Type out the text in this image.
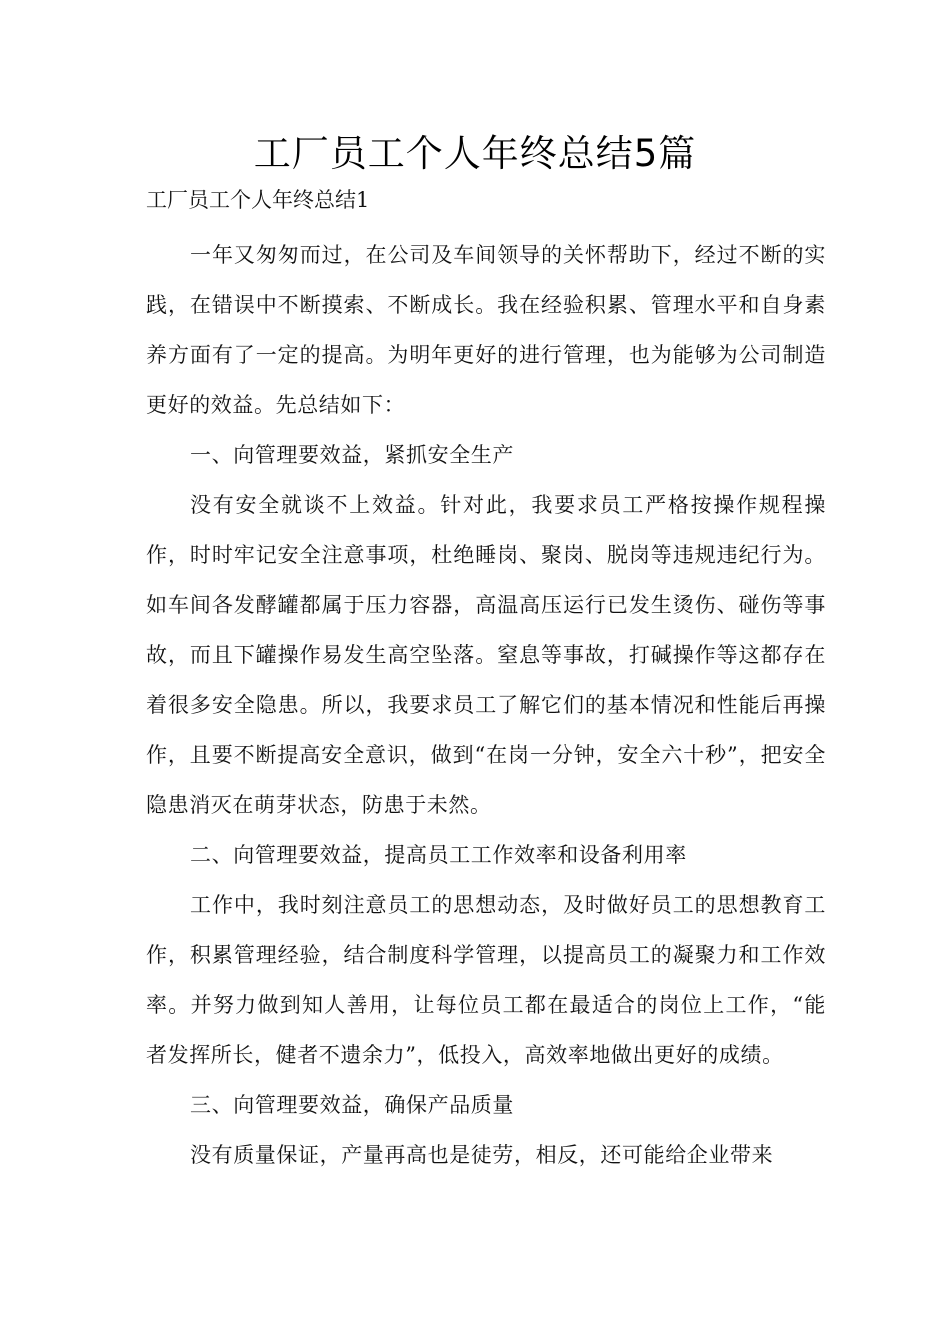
工厂员工个人年终总结5篇

工厂员工个人年终总结1

一年又匆匆而过，在公司及车间领导的关怀帮助下，经过不断的实践，在错误中不断摸索、不断成长。我在经验积累、管理水平和自身素养方面有了一定的提高。为明年更好的进行管理，也为能够为公司制造更好的效益。先总结如下：

一、向管理要效益，紧抓安全生产

没有安全就谈不上效益。针对此，我要求员工严格按操作规程操作，时时牢记安全注意事项，杜绝睡岗、聚岗、脱岗等违规违纪行为。如车间各发酵罐都属于压力容器，高温高压运行已发生烫伤、碰伤等事故，而且下罐操作易发生高空坠落。窒息等事故，打碱操作等这都存在着很多安全隐患。所以，我要求员工了解它们的基本情况和性能后再操作，且要不断提高安全意识，做到“在岗一分钟，安全六十秒”，把安全隐患消灭在萌芽状态，防患于未然。

二、向管理要效益，提高员工工作效率和设备利用率

工作中，我时刻注意员工的思想动态，及时做好员工的思想教育工作，积累管理经验，结合制度科学管理，以提高员工的凝聚力和工作效率。并努力做到知人善用，让每位员工都在最适合的岗位上工作，“能者发挥所长，健者不遗余力”，低投入，高效率地做出更好的成绩。

三、向管理要效益，确保产品质量

没有质量保证，产量再高也是徒劳，相反，还可能给企业带来
